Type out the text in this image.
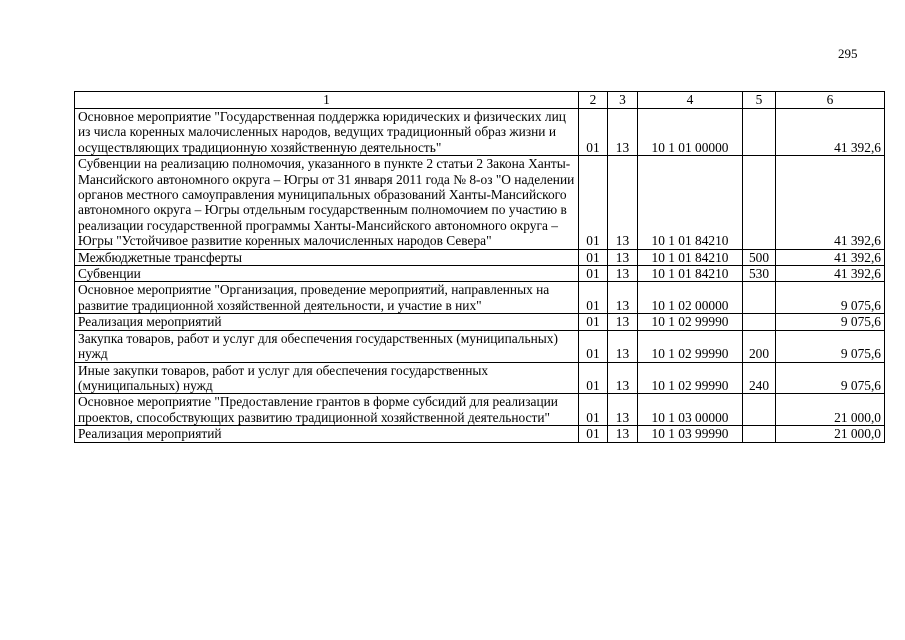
295
1	2	3	4	5	6
Основное мероприятие "Государственная поддержка юридических и физических лиц из числа коренных малочисленных народов, ведущих традиционный образ жизни и осуществляющих традиционную хозяйственную деятельность"	01	13	10 1 01 00000		41 392,6
Субвенции на реализацию полномочия, указанного в пункте 2 статьи 2 Закона Ханты-Мансийского автономного округа – Югры от 31 января 2011 года № 8-оз "О наделении органов местного самоуправления муниципальных образований Ханты-Мансийского автономного округа – Югры отдельным государственным полномочием по участию в реализации государственной программы Ханты-Мансийского автономного округа – Югры "Устойчивое развитие коренных малочисленных народов Севера"	01	13	10 1 01 84210		41 392,6
Межбюджетные трансферты	01	13	10 1 01 84210	500	41 392,6
Субвенции	01	13	10 1 01 84210	530	41 392,6
Основное мероприятие "Организация, проведение мероприятий, направленных на развитие традиционной хозяйственной деятельности, и участие в них"	01	13	10 1 02 00000		9 075,6
Реализация мероприятий	01	13	10 1 02 99990		9 075,6
Закупка товаров, работ и услуг для обеспечения государственных (муниципальных) нужд	01	13	10 1 02 99990	200	9 075,6
Иные закупки товаров, работ и услуг для обеспечения государственных (муниципальных) нужд	01	13	10 1 02 99990	240	9 075,6
Основное мероприятие "Предоставление грантов в форме субсидий для реализации проектов, способствующих развитию традиционной хозяйственной деятельности"	01	13	10 1 03 00000		21 000,0
Реализация мероприятий	01	13	10 1 03 99990		21 000,0
